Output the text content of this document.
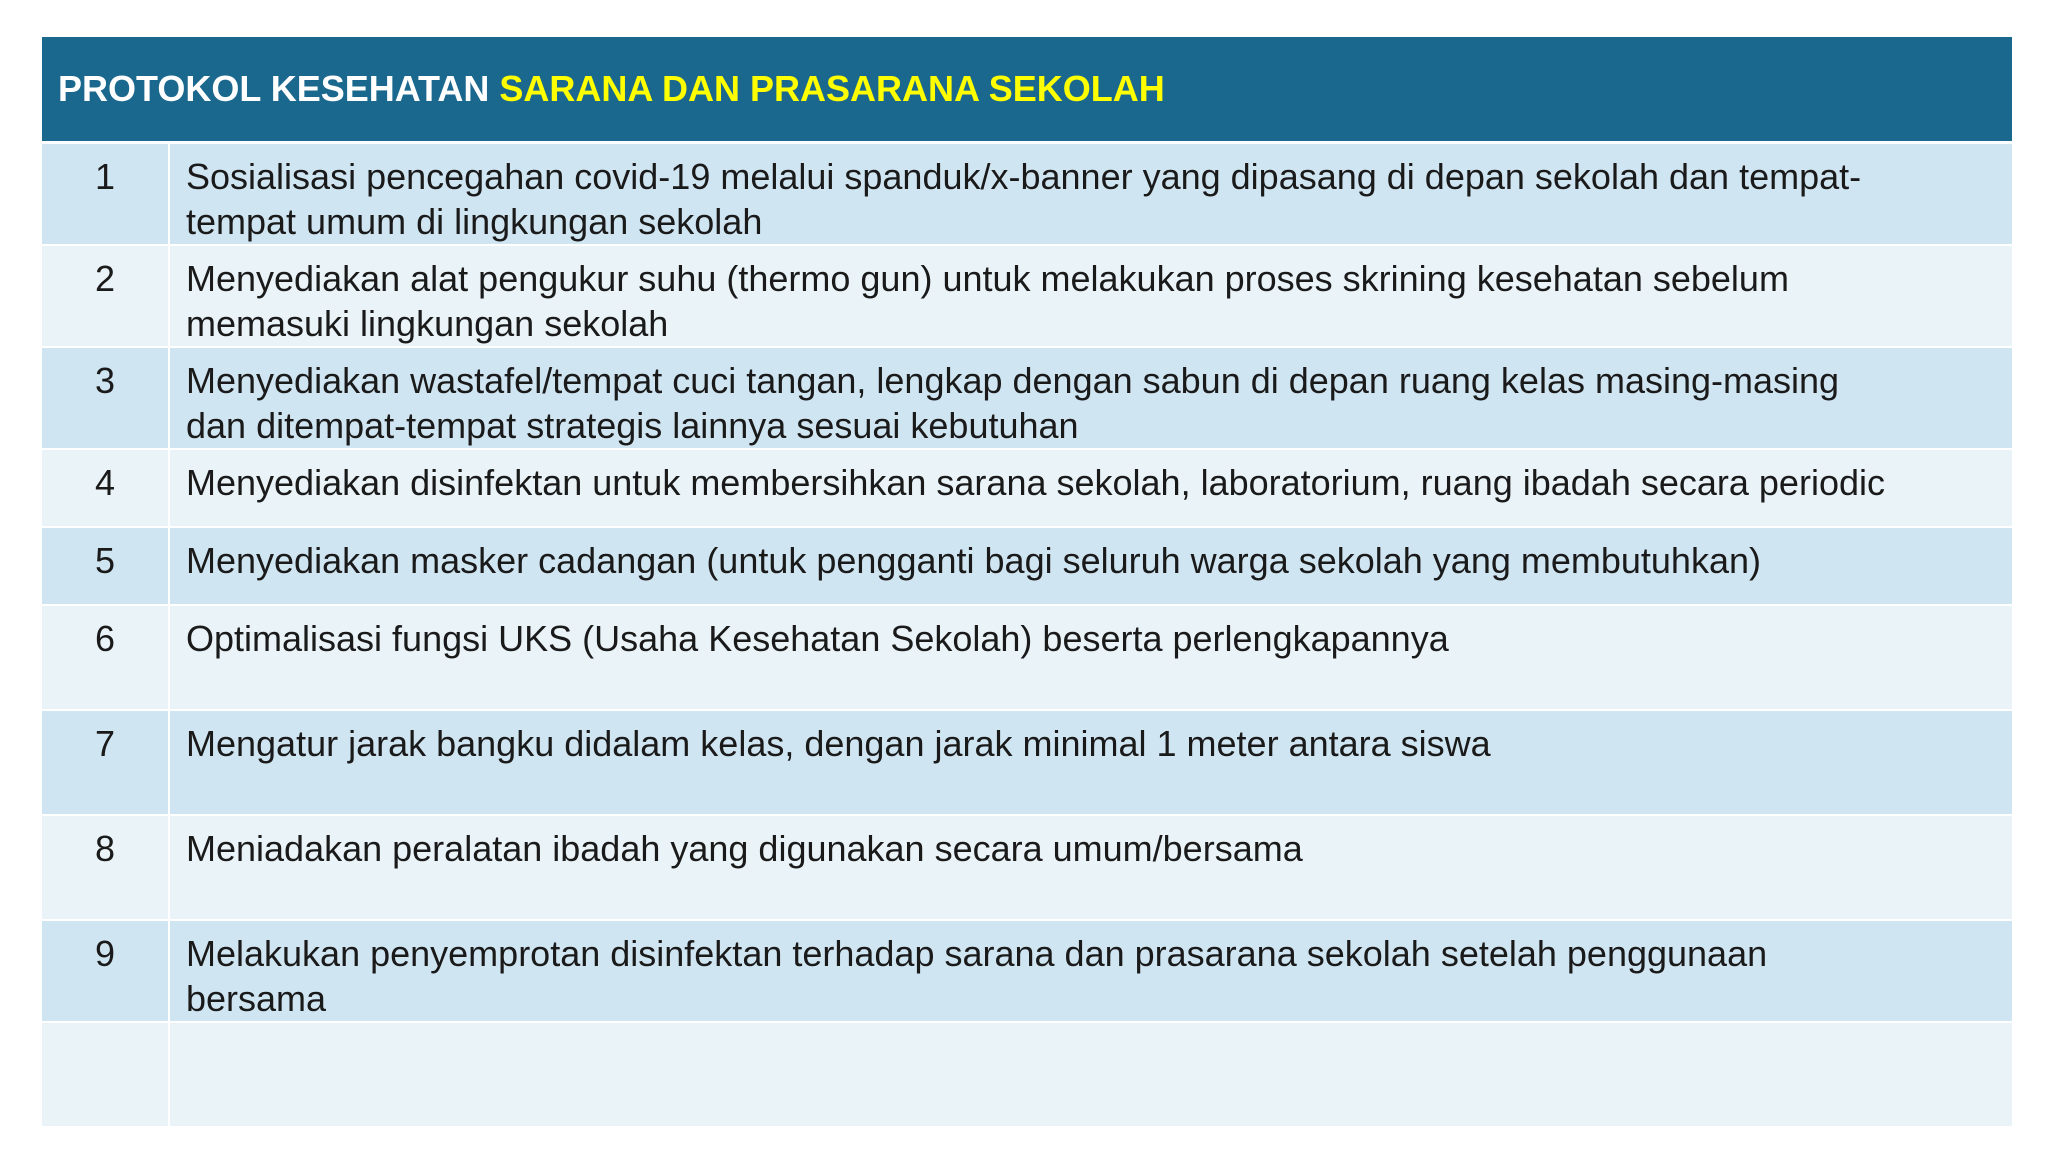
PROTOKOL KESEHATAN SARANA DAN PRASARANA SEKOLAH	
1	Sosialisasi pencegahan covid-19 melalui spanduk/x-banner yang dipasang di depan sekolah dan tempat-
tempat umum di lingkungan sekolah
2	Menyediakan alat pengukur suhu (thermo gun) untuk melakukan proses skrining kesehatan sebelum
memasuki lingkungan sekolah
3	Menyediakan wastafel/tempat cuci tangan, lengkap dengan sabun di depan ruang kelas masing-masing
dan ditempat-tempat strategis lainnya sesuai kebutuhan
4	Menyediakan disinfektan untuk membersihkan sarana sekolah, laboratorium, ruang ibadah secara periodic
5	Menyediakan masker cadangan (untuk pengganti bagi seluruh warga sekolah yang membutuhkan)
6	Optimalisasi fungsi UKS (Usaha Kesehatan Sekolah) beserta perlengkapannya
7	Mengatur jarak bangku didalam kelas, dengan jarak minimal 1 meter antara siswa
8	Meniadakan peralatan ibadah yang digunakan secara umum/bersama
9	Melakukan penyemprotan disinfektan terhadap sarana dan prasarana sekolah setelah penggunaan
bersama
